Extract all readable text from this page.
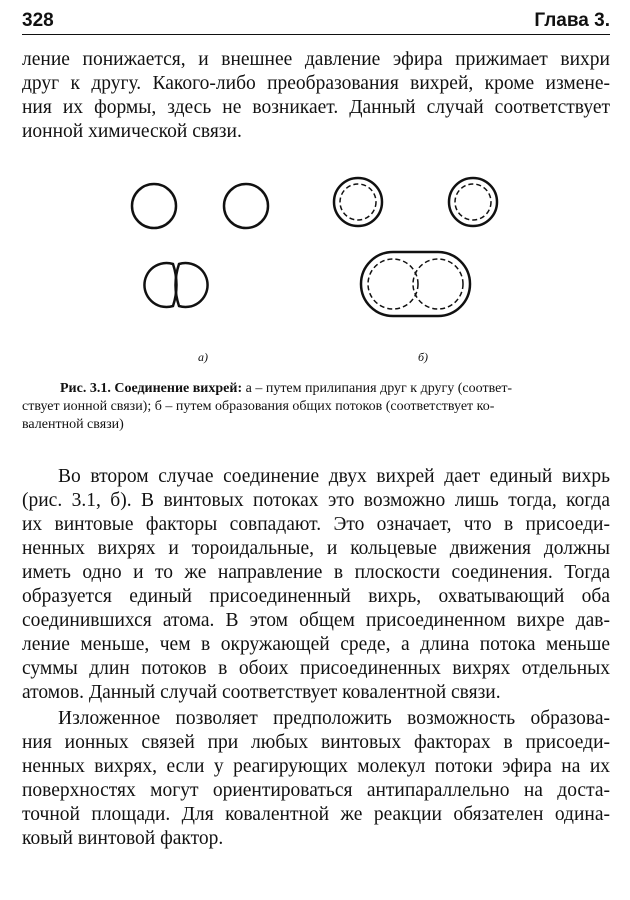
328	Глава 3.

ление понижается, и внешнее давление эфира прижимает вихри
друг к другу. Какого-либо преобразования вихрей, кроме измене-
ния их формы, здесь не возникает. Данный случай соответствует
ионной химической связи.

а)	б)

Рис. 3.1. Соединение вихрей: а – путем прилипания друг к другу (соответ-
ствует ионной связи); б – путем образования общих потоков (соответствует ко-
валентной связи)

Во втором случае соединение двух вихрей дает единый вихрь
(рис. 3.1, б). В винтовых потоках это возможно лишь тогда, когда
их винтовые факторы совпадают. Это означает, что в присоеди-
ненных вихрях и тороидальные, и кольцевые движения должны
иметь одно и то же направление в плоскости соединения. Тогда
образуется единый присоединенный вихрь, охватывающий оба
соединившихся атома. В этом общем присоединенном вихре дав-
ление меньше, чем в окружающей среде, а длина потока меньше
суммы длин потоков в обоих присоединенных вихрях отдельных
атомов. Данный случай соответствует ковалентной связи.

Изложенное позволяет предположить возможность образова-
ния ионных связей при любых винтовых факторах в присоеди-
ненных вихрях, если у реагирующих молекул потоки эфира на их
поверхностях могут ориентироваться антипараллельно на доста-
точной площади. Для ковалентной же реакции обязателен одина-
ковый винтовой фактор.
